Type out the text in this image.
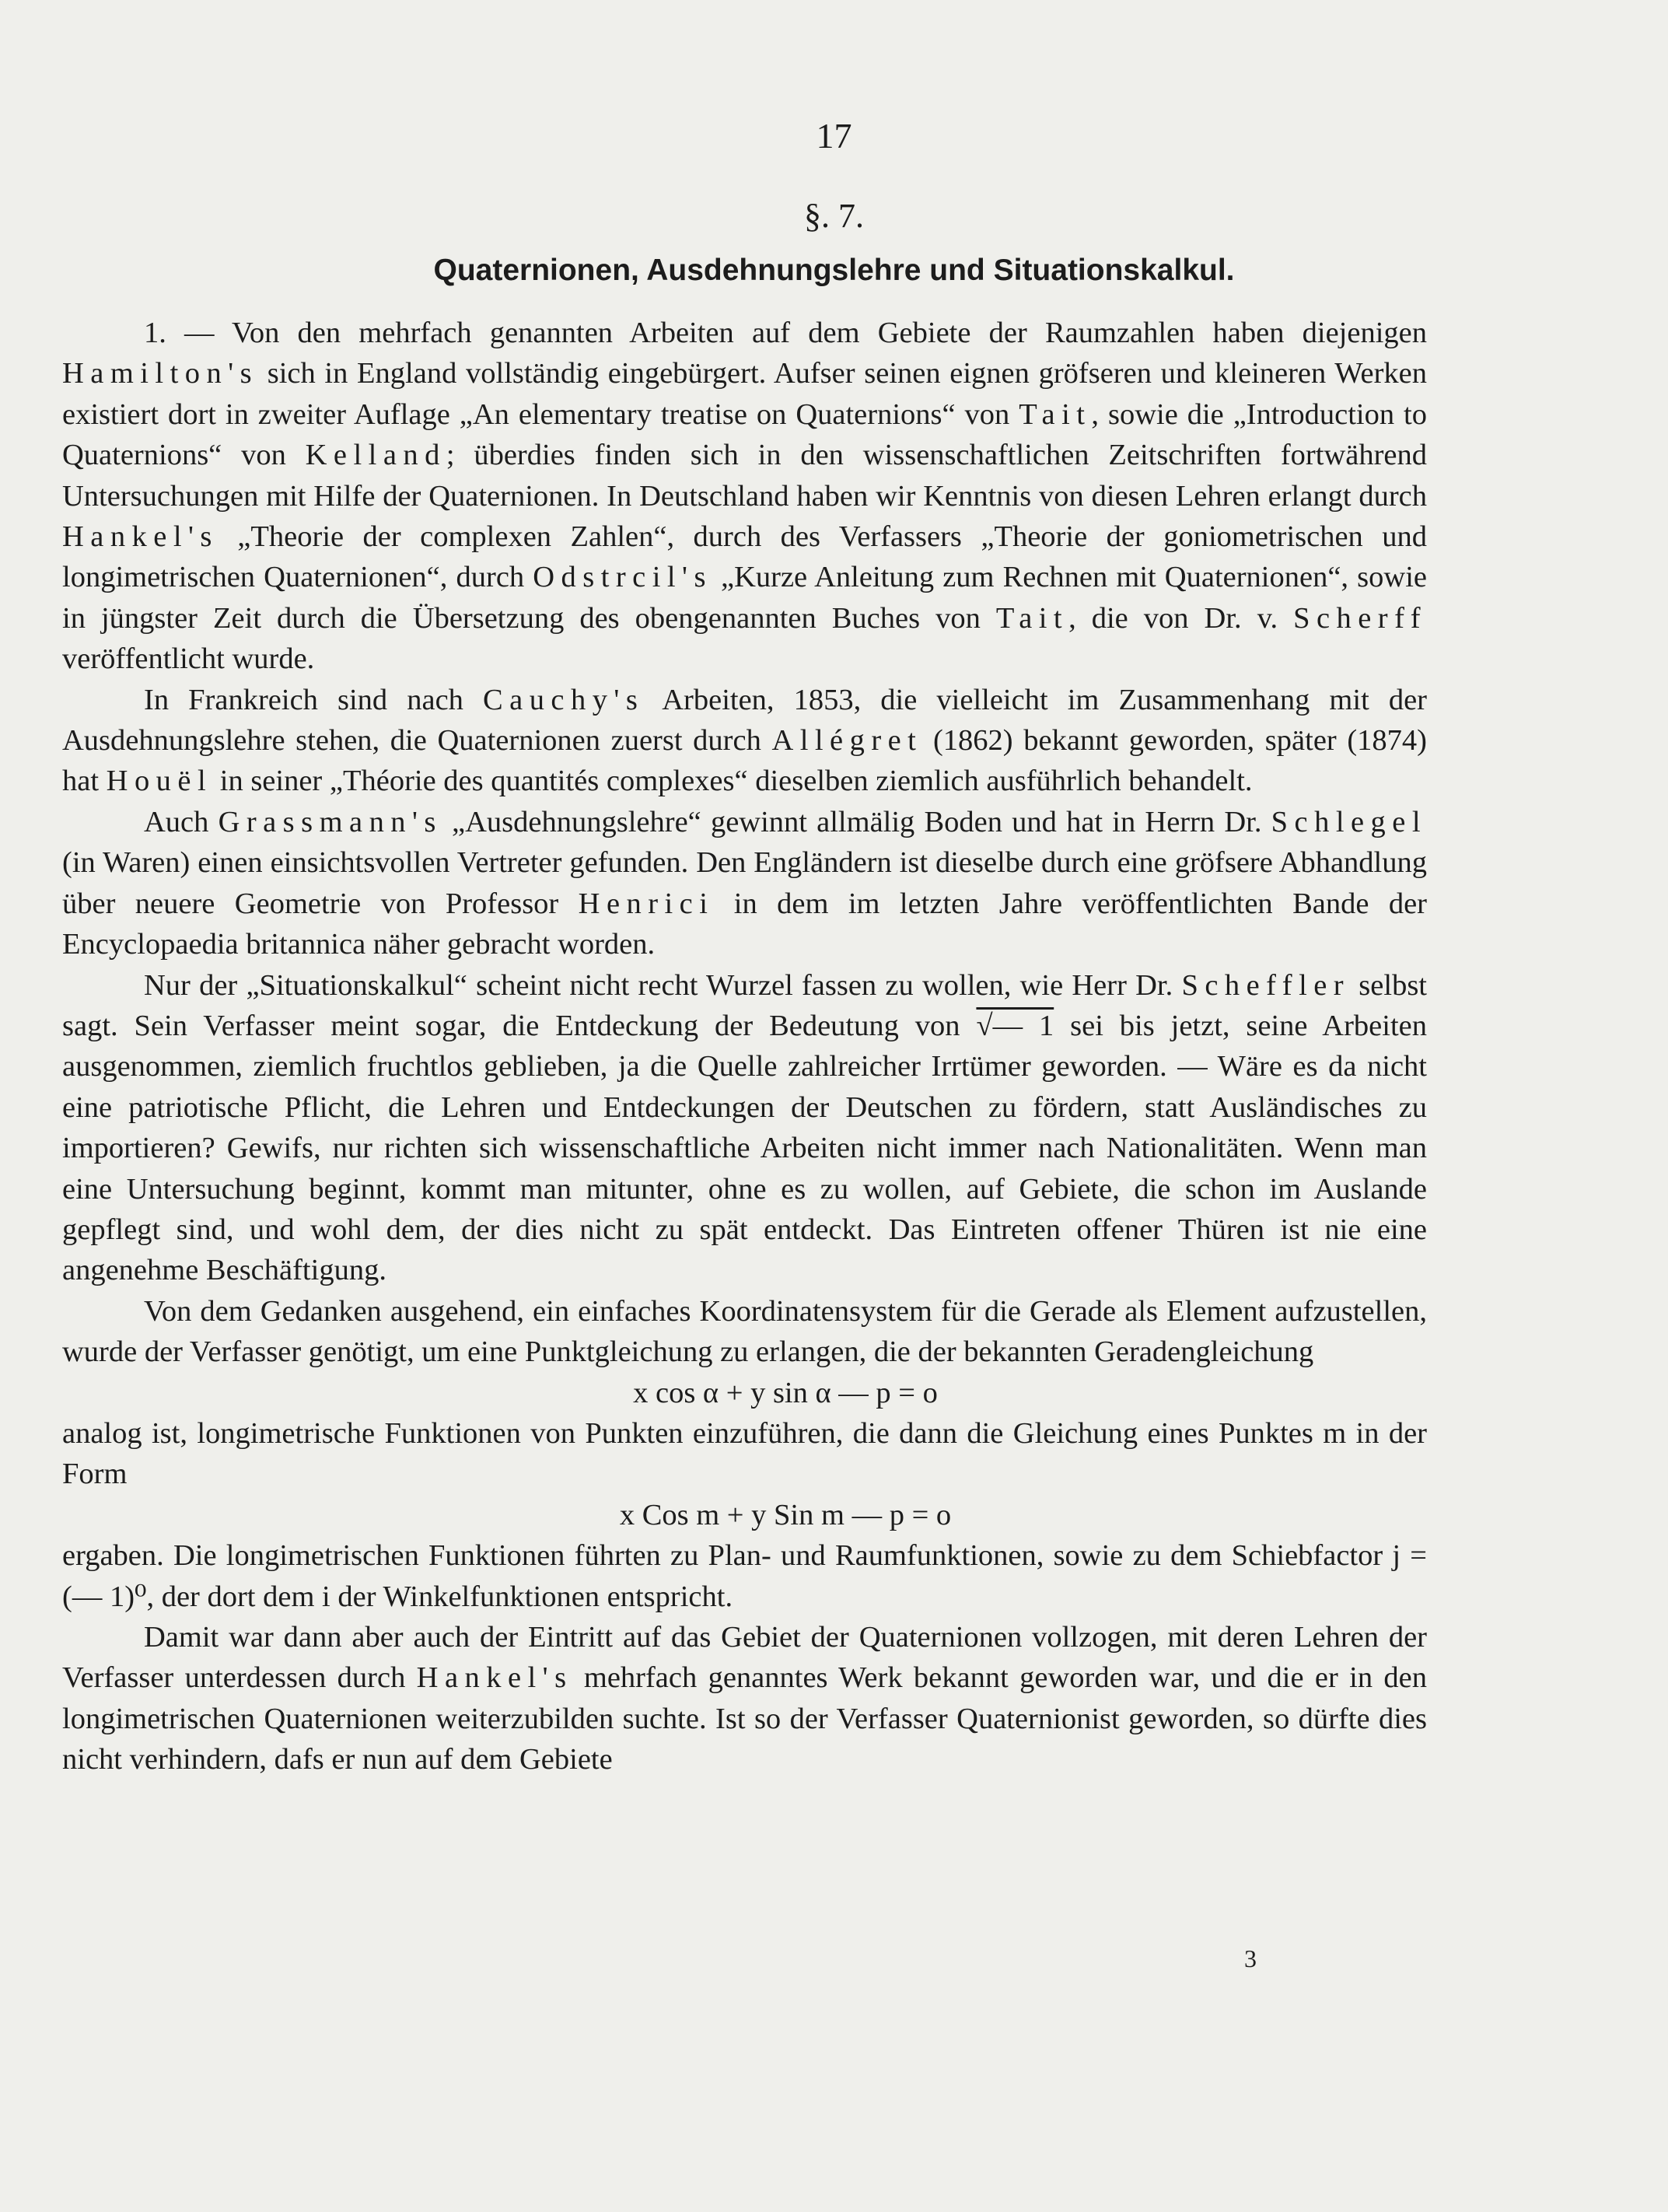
17
§. 7.
Quaternionen, Ausdehnungslehre und Situationskalkul.

1. — Von den mehrfach genannten Arbeiten auf dem Gebiete der Raumzahlen haben diejenigen Hamilton's sich in England vollständig eingebürgert. Aufser seinen eignen gröfseren und kleineren Werken existiert dort in zweiter Auflage „An elementary treatise on Quaternions“ von Tait, sowie die „Introduction to Quaternions“ von Kelland; überdies finden sich in den wissenschaftlichen Zeitschriften fortwährend Untersuchungen mit Hilfe der Quaternionen. In Deutschland haben wir Kenntnis von diesen Lehren erlangt durch Hankel's „Theorie der complexen Zahlen“, durch des Verfassers „Theorie der goniometrischen und longimetrischen Quaternionen“, durch Odstrcil's „Kurze Anleitung zum Rechnen mit Quaternionen“, sowie in jüngster Zeit durch die Übersetzung des obengenannten Buches von Tait, die von Dr. v. Scherff veröffentlicht wurde.

In Frankreich sind nach Cauchy's Arbeiten, 1853, die vielleicht im Zusammenhang mit der Ausdehnungslehre stehen, die Quaternionen zuerst durch Allégret (1862) bekannt geworden, später (1874) hat Houël in seiner „Théorie des quantités complexes“ dieselben ziemlich ausführlich behandelt.

Auch Grassmann's „Ausdehnungslehre“ gewinnt allmälig Boden und hat in Herrn Dr. Schlegel (in Waren) einen einsichtsvollen Vertreter gefunden. Den Engländern ist dieselbe durch eine gröfsere Abhandlung über neuere Geometrie von Professor Henrici in dem im letzten Jahre veröffentlichten Bande der Encyclopaedia britannica näher gebracht worden.

Nur der „Situationskalkul“ scheint nicht recht Wurzel fassen zu wollen, wie Herr Dr. Scheffler selbst sagt. Sein Verfasser meint sogar, die Entdeckung der Bedeutung von √— 1 sei bis jetzt, seine Arbeiten ausgenommen, ziemlich fruchtlos geblieben, ja die Quelle zahlreicher Irrtümer geworden. — Wäre es da nicht eine patriotische Pflicht, die Lehren und Entdeckungen der Deutschen zu fördern, statt Ausländisches zu importieren? Gewifs, nur richten sich wissenschaftliche Arbeiten nicht immer nach Nationalitäten. Wenn man eine Untersuchung beginnt, kommt man mitunter, ohne es zu wollen, auf Gebiete, die schon im Auslande gepflegt sind, und wohl dem, der dies nicht zu spät entdeckt. Das Eintreten offener Thüren ist nie eine angenehme Beschäftigung.

Von dem Gedanken ausgehend, ein einfaches Koordinatensystem für die Gerade als Element aufzustellen, wurde der Verfasser genötigt, um eine Punktgleichung zu erlangen, die der bekannten Geradengleichung

x cos α + y sin α — p = o

analog ist, longimetrische Funktionen von Punkten einzuführen, die dann die Gleichung eines Punktes m in der Form

x Cos m + y Sin m — p = o

ergaben. Die longimetrischen Funktionen führten zu Plan- und Raumfunktionen, sowie zu dem Schiebfactor j = (— 1)⁰, der dort dem i der Winkelfunktionen entspricht.

Damit war dann aber auch der Eintritt auf das Gebiet der Quaternionen vollzogen, mit deren Lehren der Verfasser unterdessen durch Hankel's mehrfach genanntes Werk bekannt geworden war, und die er in den longimetrischen Quaternionen weiterzubilden suchte. Ist so der Verfasser Quaternionist geworden, so dürfte dies nicht verhindern, dafs er nun auf dem Gebiete

3
